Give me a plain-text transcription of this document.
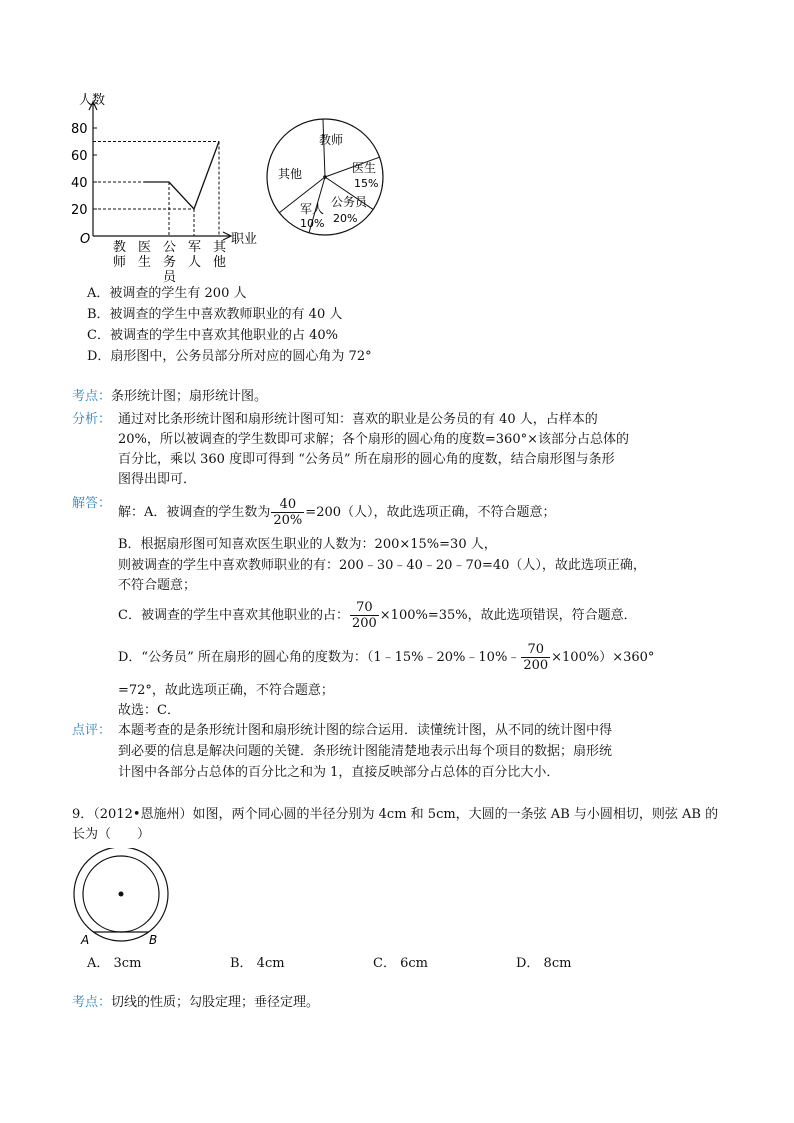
人数
职业
O
80
60
40
20
教
师
医
生
公
务
员
军
人
其
他
教师
医生
15%
公务员
20%
军人
10%
其他
A．被调查的学生有 200 人
B．被调查的学生中喜欢教师职业的有 40 人
C．被调查的学生中喜欢其他职业的占 40%
D．扇形图中，公务员部分所对应的圆心角为 72°
考点：条形统计图；扇形统计图。
分析： 通过对比条形统计图和扇形统计图可知：喜欢的职业是公务员的有 40 人，占样本的
20%，所以被调查的学生数即可求解；各个扇形的圆心角的度数=360°×该部分占总体的
百分比，乘以 360 度即可得到 “公务员” 所在扇形的圆心角的度数，结合扇形图与条形
图得出即可．
解答：
解：A．被调查的学生数为 $\frac{40}{20\%} =200$（人），故此选项正确，不符合题意；
B．根据扇形图可知喜欢医生职业的人数为：200×15%=30 人，
则被调查的学生中喜欢教师职业的有：200﹣30﹣40﹣20﹣70=40（人），故此选项正确，
不符合题意；
C．被调查的学生中喜欢其他职业的占： $\frac{70}{200} \times 100\%=35\%$，故此选项错误，符合题意．
D．“公务员” 所在扇形的圆心角的度数为：（1﹣15%﹣20%﹣10%﹣ $\frac{70}{200} \times 100\%)\times 360^\circ$
=72°，故此选项正确，不符合题意；
故选：C．
点评： 本题考查的是条形统计图和扇形统计图的综合运用．读懂统计图，从不同的统计图中得
到必要的信息是解决问题的关键．条形统计图能清楚地表示出每个项目的数据；扇形统
计图中各部分占总体的百分比之和为 1，直接反映部分占总体的百分比大小．
9．（2012•恩施州）如图，两个同心圆的半径分别为 4cm 和 5cm，大圆的一条弦 AB 与小圆相切，则弦 AB 的
长为（　　）
A	B
A． 3cm	B． 4cm	C． 6cm	D． 8cm
考点：切线的性质；勾股定理；垂径定理。
